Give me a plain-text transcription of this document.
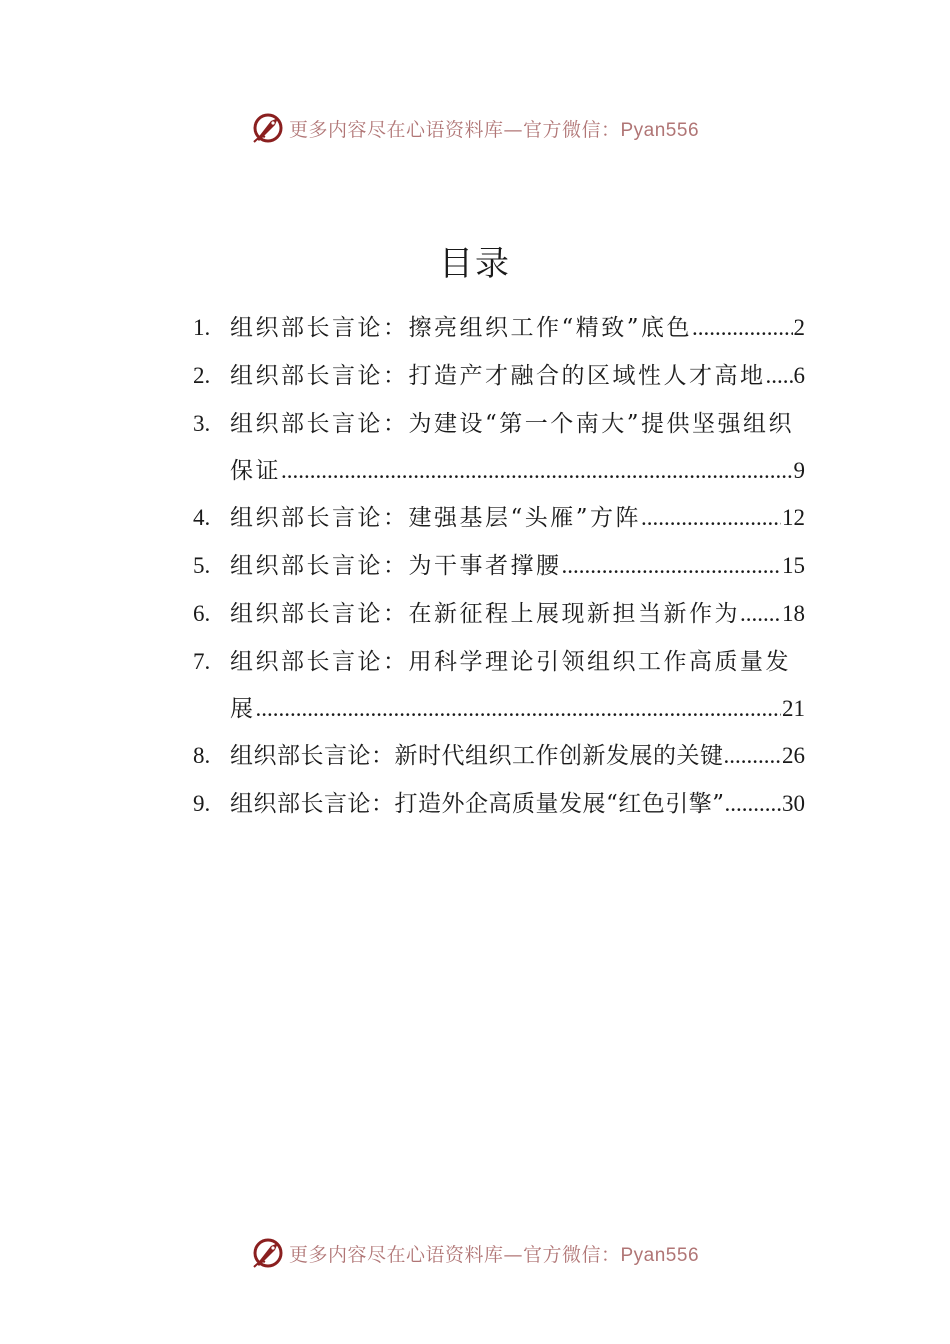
更多内容尽在心语资料库—官方微信：Pyan556
目录
1. 组织部长言论：擦亮组织工作“精致”底色 .....	2
2. 组织部长言论：打造产才融合的区域性人才高地 ..... 6
3. 组织部长言论：为建设“第一个南大”提供坚强组织
保证 .....	9
4. 组织部长言论：建强基层“头雁”方阵 .....	12
5. 组织部长言论：为干事者撑腰 .....	15
6. 组织部长言论：在新征程上展现新担当新作为 ..... 18
7. 组织部长言论：用科学理论引领组织工作高质量发
展 .....	21
8. 组织部长言论：新时代组织工作创新发展的关键 .....	26
9. 组织部长言论：打造外企高质量发展“红色引擎” ..... 30
更多内容尽在心语资料库—官方微信：Pyan556
